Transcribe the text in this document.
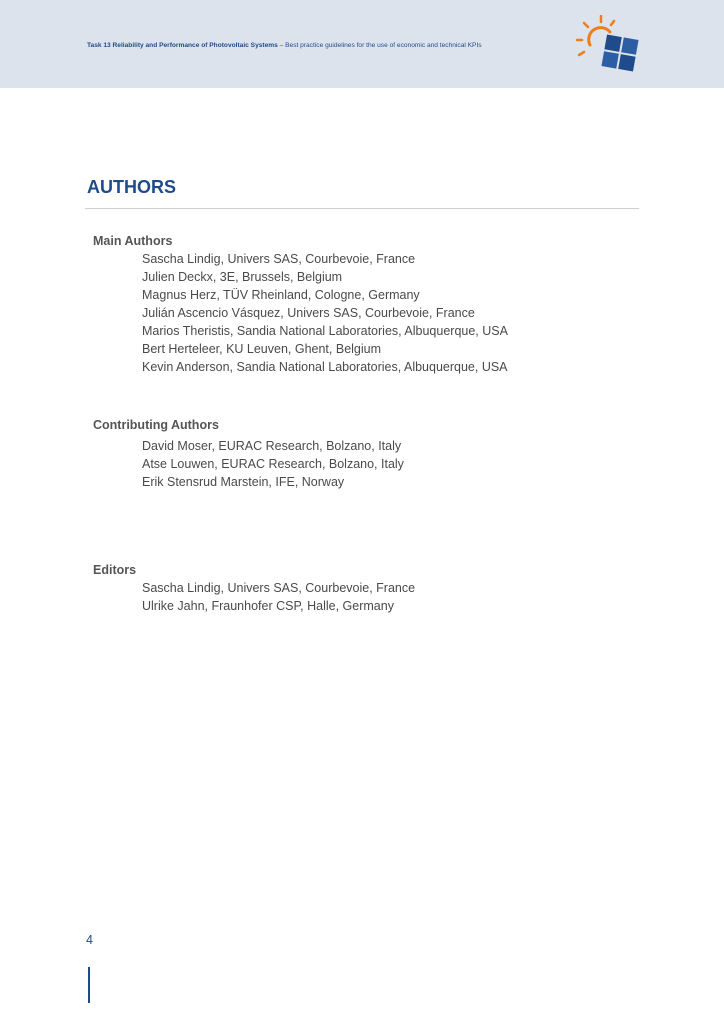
Task 13 Reliability and Performance of Photovoltaic Systems – Best practice guidelines for the use of economic and technical KPIs
AUTHORS
Main Authors
Sascha Lindig, Univers SAS, Courbevoie, France
Julien Deckx, 3E, Brussels, Belgium
Magnus Herz, TÜV Rheinland, Cologne, Germany
Julián Ascencio Vásquez, Univers SAS, Courbevoie, France
Marios Theristis, Sandia National Laboratories, Albuquerque, USA
Bert Herteleer, KU Leuven, Ghent, Belgium
Kevin Anderson, Sandia National Laboratories, Albuquerque, USA
Contributing Authors
David Moser, EURAC Research, Bolzano, Italy
Atse Louwen, EURAC Research, Bolzano, Italy
Erik Stensrud Marstein, IFE, Norway
Editors
Sascha Lindig, Univers SAS, Courbevoie, France
Ulrike Jahn, Fraunhofer CSP, Halle, Germany
4
